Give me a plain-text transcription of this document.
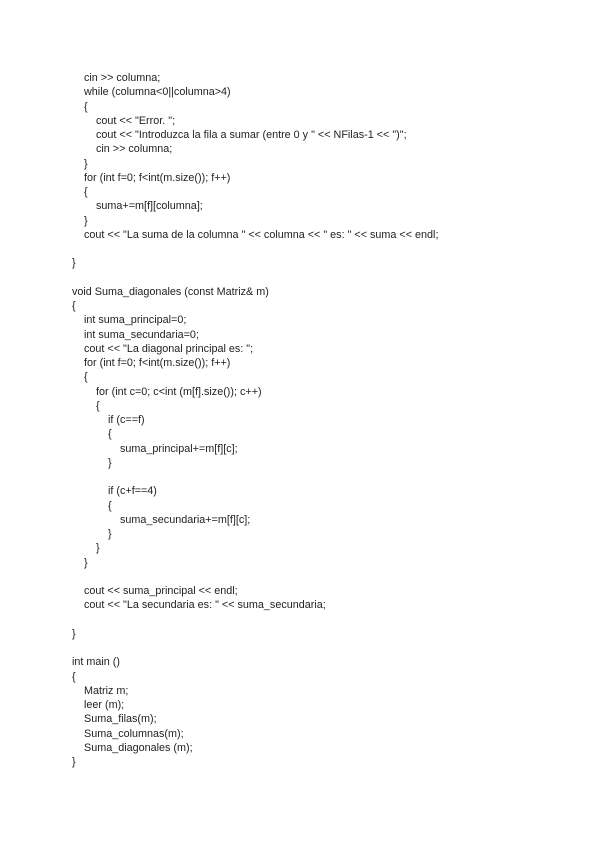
cin >> columna;
while (columna<0||columna>4)
{
cout << "Error. ";
cout << "Introduzca la fila a sumar (entre 0 y " << NFilas-1 << ")";
cin >> columna;
}
for (int f=0; f<int(m.size()); f++)
{
suma+=m[f][columna];
}
cout << "La suma de la columna " << columna << " es: " << suma << endl;
}
void Suma_diagonales (const Matriz& m)
{
int suma_principal=0;
int suma_secundaria=0;
cout << "La diagonal principal es: ";
for (int f=0; f<int(m.size()); f++)
{
for (int c=0; c<int (m[f].size()); c++)
{
if (c==f)
{
suma_principal+=m[f][c];
}
if (c+f==4)
{
suma_secundaria+=m[f][c];
}
}
}
cout << suma_principal << endl;
cout << "La secundaria es: " << suma_secundaria;
}
int main ()
{
Matriz m;
leer (m);
Suma_filas(m);
Suma_columnas(m);
Suma_diagonales (m);
}
